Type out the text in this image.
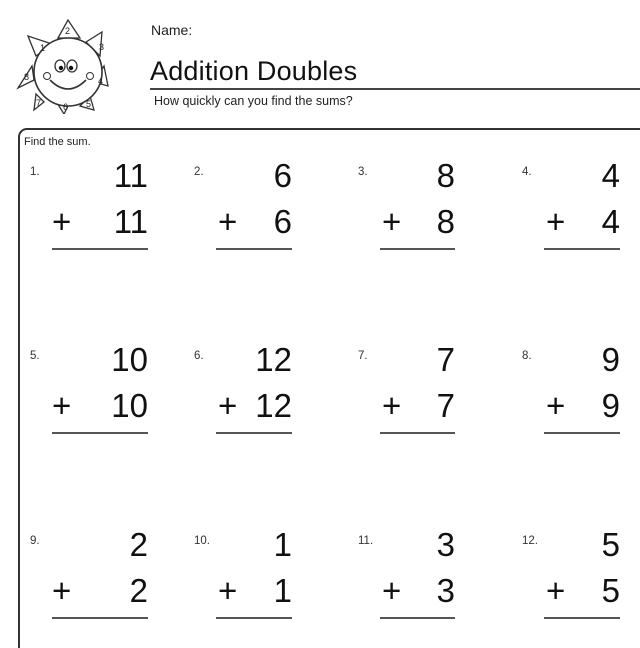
1
2
3
4
5
6
7
8
Name:
Addition Doubles
How quickly can you find the sums?
Find the sum.
1. 11
+ 11
2. 6
+ 6
3. 8
+ 8
4. 4
+ 4
5. 10
+ 10
6. 12
+ 12
7. 7
+ 7
8. 9
+ 9
9.	2
+ 2
10. 1
+ 1
11. 3
+ 3
12. 5
+ 5
